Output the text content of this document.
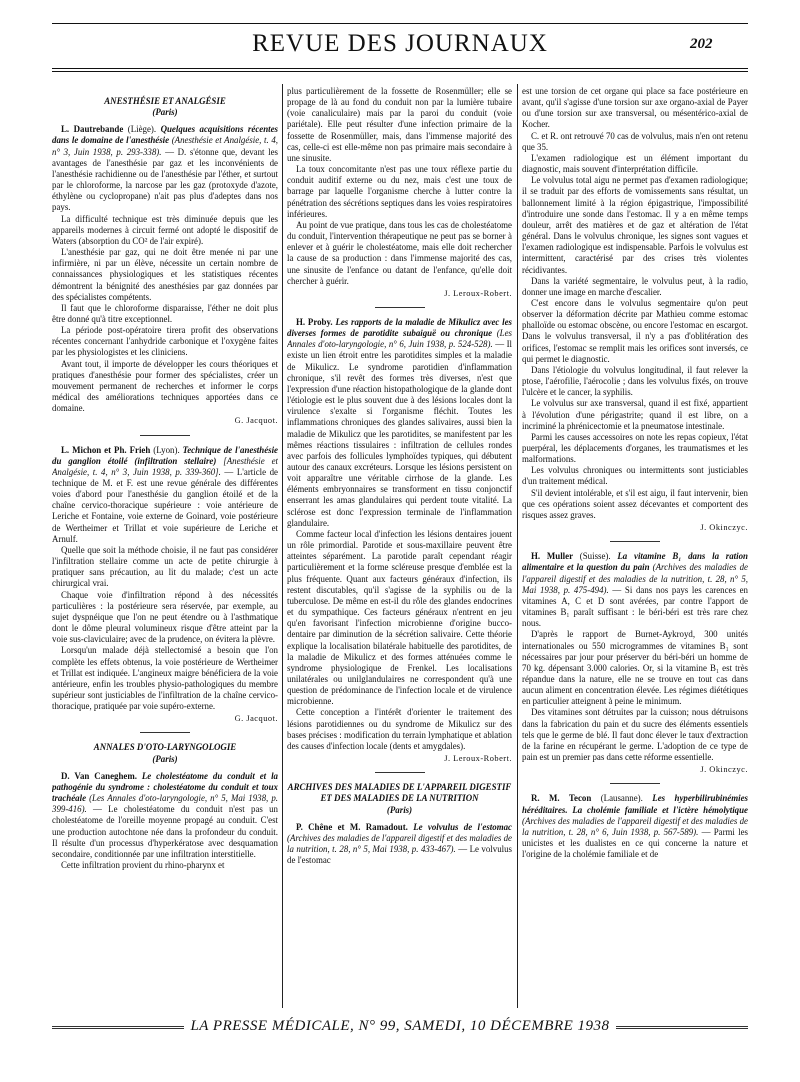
REVUE DES JOURNAUX	202

ANESTHÉSIE ET ANALGÉSIE

(Paris)

L. Dautrebande (Liège). Quelques acquisitions récentes dans le domaine de l'anesthésie (Anesthésie et Analgésie, t. 4, n° 3, Juin 1938, p. 293-338). — D. s'étonne que, devant les avantages de l'anesthésie par gaz et les inconvénients de l'anesthésie rachidienne ou de l'anesthésie par l'éther, et surtout par le chloroforme, la narcose par les gaz (protoxyde d'azote, éthylène ou cyclopropane) n'ait pas plus d'adeptes dans nos pays.

La difficulté technique est très diminuée depuis que les appareils modernes à circuit fermé ont adopté le dispositif de Waters (absorption du CO² de l'air expiré).

L'anesthésie par gaz, qui ne doit être menée ni par une infirmière, ni par un élève, nécessite un certain nombre de connaissances physiologiques et les statistiques récentes démontrent la bénignité des anesthésies par gaz données par des spécialistes compétents.

Il faut que le chloroforme disparaisse, l'éther ne doit plus être donné qu'à titre exceptionnel.

La période post-opératoire tirera profit des observations récentes concernant l'anhydride carbonique et l'oxygène faites par les physiologistes et les cliniciens.

Avant tout, il importe de développer les cours théoriques et pratiques d'anesthésie pour former des spécialistes, créer un mouvement permanent de recherches et informer le corps médical des améliorations techniques apportées dans ce domaine.

G. Jacquot.

L. Michon et Ph. Frieh (Lyon). Technique de l'anesthésie du ganglion étoilé (infiltration stellaire) [Anesthésie et Analgésie, t. 4, n° 3, Juin 1938, p. 339-360]. — L'article de technique de M. et F. est une revue générale des différentes voies d'abord pour l'anesthésie du ganglion étoilé et de la chaîne cervico-thoracique supérieure : voie antérieure de Leriche et Fontaine, voie externe de Goinard, voie postérieure de Wertheimer et Trillat et voie supérieure de Leriche et Arnulf.

Quelle que soit la méthode choisie, il ne faut pas considérer l'infiltration stellaire comme un acte de petite chirurgie à pratiquer sans précaution, au lit du malade; c'est un acte chirurgical vrai.

Chaque voie d'infiltration répond à des nécessités particulières : la postérieure sera réservée, par exemple, au sujet dyspnéique que l'on ne peut étendre ou à l'asthmatique dont le dôme pleural volumineux risque d'être atteint par la voie sus-claviculaire; avec de la prudence, on évitera la plèvre.

Lorsqu'un malade déjà stellectomisé a besoin que l'on complète les effets obtenus, la voie postérieure de Wertheimer et Trillat est indiquée. L'angineux maigre bénéficiera de la voie antérieure, enfin les troubles physio-pathologiques du membre supérieur sont justiciables de l'infiltration de la chaîne cervico-thoracique, pratiquée par voie supéro-externe.

G. Jacquot.

ANNALES D'OTO-LARYNGOLOGIE

(Paris)

D. Van Caneghem. Le cholestéatome du conduit et la pathogénie du syndrome : cholestéatome du conduit et toux trachéale (Les Annales d'oto-laryngologie, n° 5, Mai 1938, p. 399-416). — Le cholestéatome du conduit n'est pas un cholestéatome de l'oreille moyenne propagé au conduit. C'est une production autochtone née dans la profondeur du conduit. Il résulte d'un processus d'hyperkératose avec desquamation secondaire, conditionnée par une infiltration interstitielle.

Cette infiltration provient du rhino-pharynx et

plus particulièrement de la fossette de Rosenmüller; elle se propage de là au fond du conduit non par la lumière tubaire (voie canaliculaire) mais par la paroi du conduit (voie pariétale). Elle peut résulter d'une infection primaire de la fossette de Rosenmüller, mais, dans l'immense majorité des cas, celle-ci est elle-même non pas primaire mais secondaire à une sinusite.

La toux concomitante n'est pas une toux réflexe partie du conduit auditif externe ou du nez, mais c'est une toux de barrage par laquelle l'organisme cherche à lutter contre la pénétration des sécrétions septiques dans les voies respiratoires inférieures.

Au point de vue pratique, dans tous les cas de cholestéatome du conduit, l'intervention thérapeutique ne peut pas se borner à enlever et à guérir le cholestéatome, mais elle doit rechercher la cause de sa production : dans l'immense majorité des cas, une sinusite de l'enfance ou datant de l'enfance, qu'elle doit chercher à guérir.

J. Leroux-Robert.

H. Proby. Les rapports de la maladie de Mikulicz avec les diverses formes de parotidite subaiguë ou chronique (Les Annales d'oto-laryngologie, n° 6, Juin 1938, p. 524-528). — Il existe un lien étroit entre les parotidites simples et la maladie de Mikulicz. Le syndrome parotidien d'inflammation chronique, s'il revêt des formes très diverses, n'est que l'expression d'une réaction histopathologique de la glande dont l'étiologie est le plus souvent due à des lésions locales dont la virulence s'exalte si l'organisme fléchit. Toutes les inflammations chroniques des glandes salivaires, aussi bien la maladie de Mikulicz que les parotidites, se manifestent par les mêmes réactions tissulaires : infiltration de cellules rondes avec parfois des follicules lymphoïdes typiques, qui débutent autour des canaux excréteurs. Lorsque les lésions persistent on voit apparaître une véritable cirrhose de la glande. Les éléments embryonnaires se transforment en tissu conjonctif enserrant les amas glandulaires qui perdent toute vitalité. La sclérose est donc l'expression terminale de l'inflammation glandulaire.

Comme facteur local d'infection les lésions dentaires jouent un rôle primordial. Parotide et sous-maxillaire peuvent être atteintes séparément. La parotide paraît cependant réagir particulièrement et la forme scléreuse presque d'emblée est la plus fréquente. Quant aux facteurs généraux d'infection, ils restent discutables, qu'il s'agisse de la syphilis ou de la tuberculose. De même en est-il du rôle des glandes endocrines et du sympathique. Ces facteurs généraux n'entrent en jeu qu'en favorisant l'infection microbienne d'origine bucco-dentaire par diminution de la sécrétion salivaire. Cette théorie explique la localisation bilatérale habituelle des parotidites, de la maladie de Mikulicz et des formes atténuées comme le syndrome physiologique de Frenkel. Les localisations unilatérales ou unilglandulaires ne correspondent qu'à une question de prédominance de l'infection locale et de virulence microbienne.

Cette conception a l'intérêt d'orienter le traitement des lésions parotidiennes ou du syndrome de Mikulicz sur des bases précises : modification du terrain lymphatique et ablation des causes d'infection locale (dents et amygdales).

J. Leroux-Robert.

ARCHIVES DES MALADIES DE L'APPAREIL DIGESTIF ET DES MALADIES DE LA NUTRITION

(Paris)

P. Chêne et M. Ramadout. Le volvulus de l'estomac (Archives des maladies de l'appareil digestif et des maladies de la nutrition, t. 28, n° 5, Mai 1938, p. 433-467). — Le volvulus de l'estomac

est une torsion de cet organe qui place sa face postérieure en avant, qu'il s'agisse d'une torsion sur axe organo-axial de Payer ou d'une torsion sur axe transversal, ou mésentérico-axial de Kocher.

C. et R. ont retrouvé 70 cas de volvulus, mais n'en ont retenu que 35.

L'examen radiologique est un élément important du diagnostic, mais souvent d'interprétation difficile.

Le volvulus total aigu ne permet pas d'examen radiologique; il se traduit par des efforts de vomissements sans résultat, un ballonnement limité à la région épigastrique, l'impossibilité d'introduire une sonde dans l'estomac. Il y a en même temps douleur, arrêt des matières et de gaz et altération de l'état général. Dans le volvulus chronique, les signes sont vagues et l'examen radiologique est indispensable. Parfois le volvulus est intermittent, caractérisé par des crises très violentes récidivantes.

Dans la variété segmentaire, le volvulus peut, à la radio, donner une image en marche d'escalier.

C'est encore dans le volvulus segmentaire qu'on peut observer la déformation décrite par Mathieu comme estomac phalloïde ou estomac obscène, ou encore l'estomac en escargot. Dans le volvulus transversal, il n'y a pas d'oblitération des orifices, l'estomac se remplit mais les orifices sont inversés, ce qui permet le diagnostic.

Dans l'étiologie du volvulus longitudinal, il faut relever la ptose, l'aérofilie, l'aérocolie ; dans les volvulus fixés, on trouve l'ulcère et le cancer, la syphilis.

Le volvulus sur axe transversal, quand il est fixé, appartient à l'évolution d'une périgastrite; quand il est libre, on a incriminé la phrénicectomie et la pneumatose intestinale.

Parmi les causes accessoires on note les repas copieux, l'état puerpéral, les déplacements d'organes, les traumatismes et les malformations.

Les volvulus chroniques ou intermittents sont justiciables d'un traitement médical.

S'il devient intolérable, et s'il est aigu, il faut intervenir, bien que ces opérations soient assez décevantes et comportent des risques assez graves.

J. Okinczyc.

H. Muller (Suisse). La vitamine B₁ dans la ration alimentaire et la question du pain (Archives des maladies de l'appareil digestif et des maladies de la nutrition, t. 28, n° 5, Mai 1938, p. 475-494). — Si dans nos pays les carences en vitamines A, C et D sont avérées, par contre l'apport de vitamines B₁ paraît suffisant : le béri-béri est très rare chez nous.

D'après le rapport de Burnet-Aykroyd, 300 unités internationales ou 550 microgrammes de vitamines B₁ sont nécessaires par jour pour préserver du béri-béri un homme de 70 kg. dépensant 3.000 calories. Or, si la vitamine B₁ est très répandue dans la nature, elle ne se trouve en tout cas dans aucun aliment en concentration élevée. Les régimes diététiques en particulier atteignent à peine le minimum.

Des vitamines sont détruites par la cuisson; nous détruisons dans la fabrication du pain et du sucre des éléments essentiels tels que le germe de blé. Il faut donc élever le taux d'extraction de la farine en récupérant le germe. L'adoption de ce type de pain est un premier pas dans cette réforme essentielle.

J. Okinczyc.

R. M. Tecon (Lausanne). Les hyperbilirubinémies héréditaires. La cholémie familiale et l'ictère hémolytique (Archives des maladies de l'appareil digestif et des maladies de la nutrition, t. 28, n° 6, Juin 1938, p. 567-589). — Parmi les unicistes et les dualistes en ce qui concerne la nature et l'origine de la cholémie familiale et de

LA PRESSE MÉDICALE, N° 99, SAMEDI, 10 DÉCEMBRE 1938
